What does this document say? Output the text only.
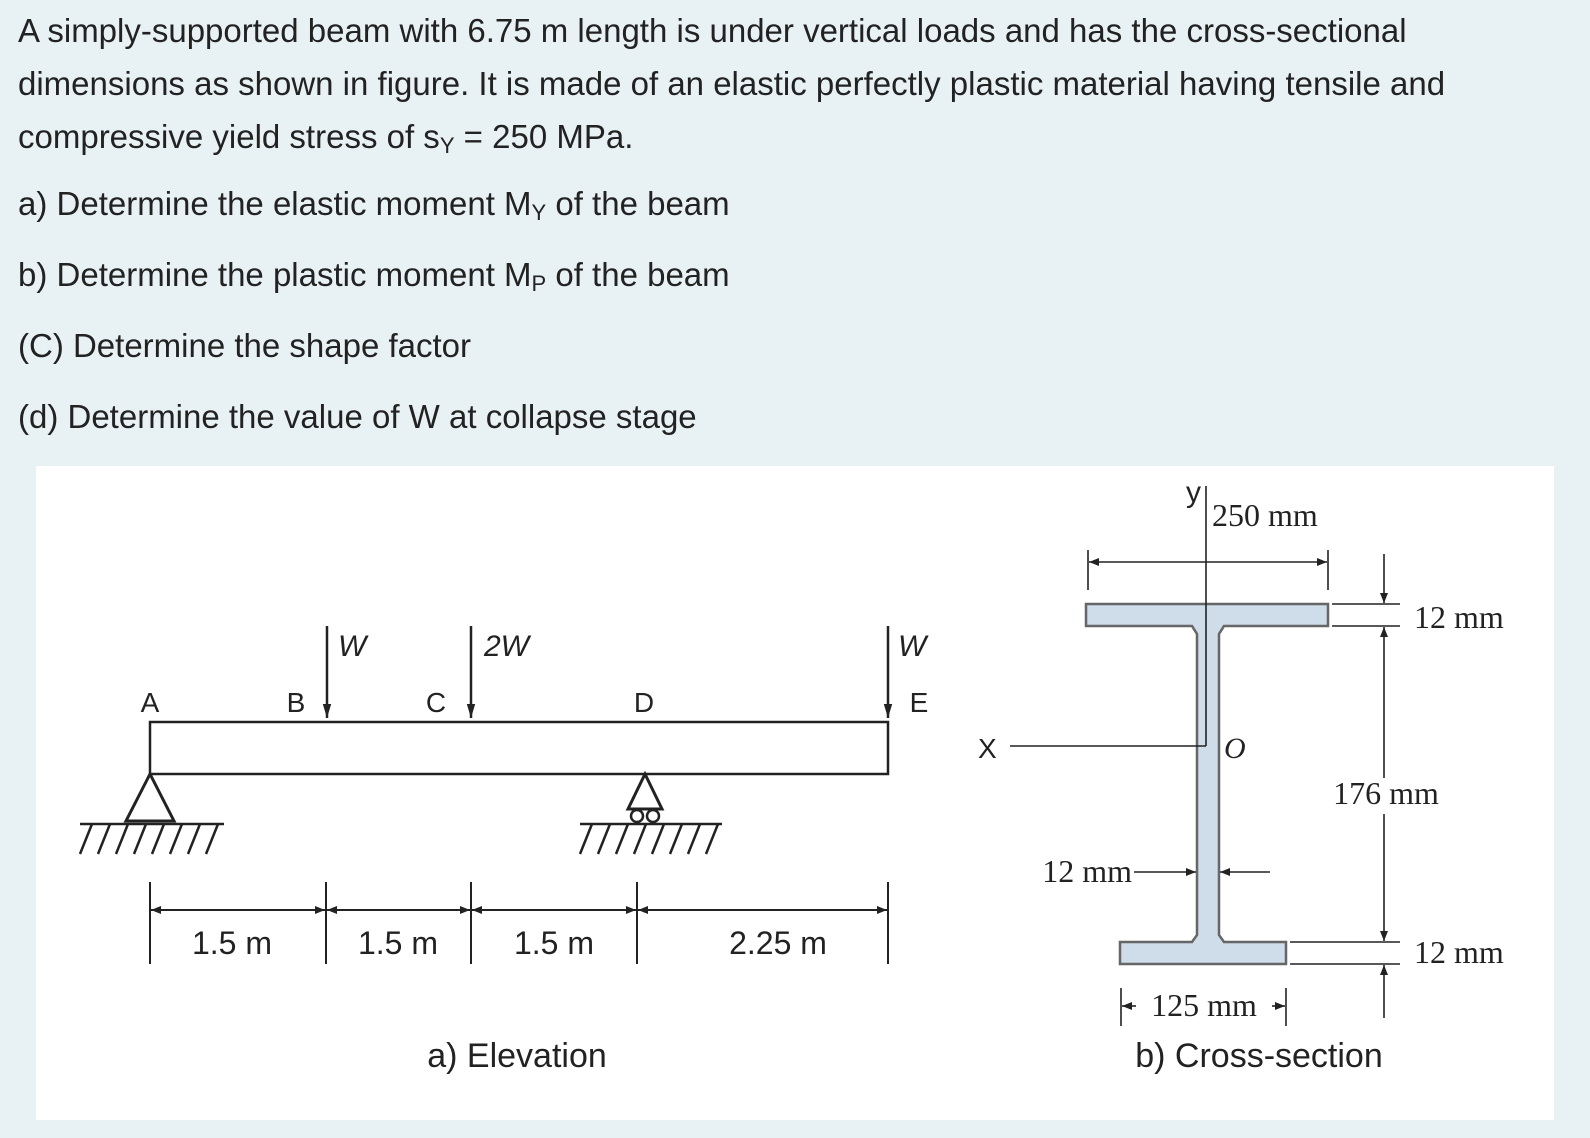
A simply-supported beam with 6.75 m length is under vertical loads and has the cross-sectional dimensions as shown in figure. It is made of an elastic perfectly plastic material having tensile and compressive yield stress of $s_Y = 250$ MPa.

a) Determine the elastic moment $M_Y$ of the beam

b) Determine the plastic moment $M_P$ of the beam

(C) Determine the shape factor

(d) Determine the value of W at collapse stage

A	B	C	D	E
W	2W	W
1.5 m	1.5 m 1.5 m	2.25 m
a) Elevation
y
X	O
250 mm
12 mm
176 mm
12 mm
12 mm
125 mm
b) Cross-section
